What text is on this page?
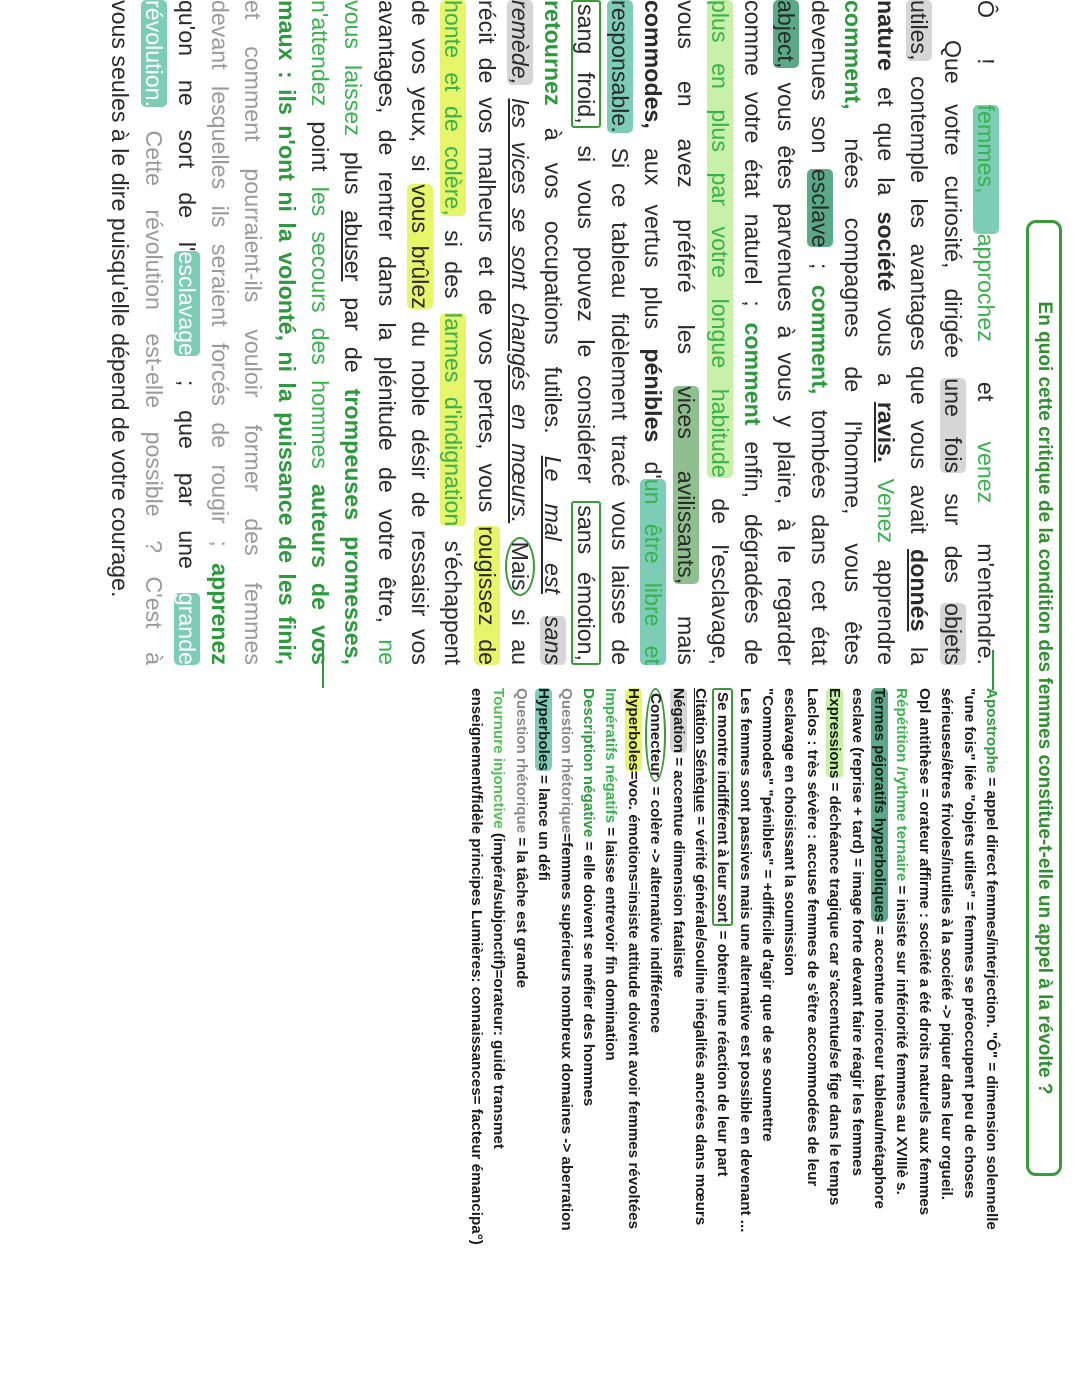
En quoi cette critique de la condition des femmes constitue-t-elle un appel à la révolte ?
Ô ! femmes, approchez et venez m'entendre.
Que votre curiosité, dirigée une fois sur des objets
utiles, contemple les avantages que vous avait donnés la
nature et que la société vous a ravis. Venez apprendre
comment, nées compagnes de l'homme, vous êtes
devenues son esclave ; comment, tombées dans cet état
abject, vous êtes parvenues à vous y plaire, à le regarder
comme votre état naturel ; comment enfin, dégradées de
plus en plus par votre longue habitude de l'esclavage,
vous en avez préféré les vices avilissants, mais
commodes, aux vertus plus pénibles d'un être libre et
responsable. Si ce tableau fidèlement tracé vous laisse de
sang froid, si vous pouvez le considérer sans émotion,
retournez à vos occupations futiles. Le mal est sans
remède, les vices se sont changés en mœurs. Mais si au
récit de vos malheurs et de vos pertes, vous rougissez de
honte et de colère, si des larmes d'indignation s'échappent
de vos yeux, si vous brûlez du noble désir de ressaisir vos
avantages, de rentrer dans la plénitude de votre être, ne
vous laissez plus abuser par de trompeuses promesses,
n'attendez point les secours des hommes auteurs de vos
maux : ils n'ont ni la volonté, ni la puissance de les finir,
et comment pourraient-ils vouloir former des femmes
devant lesquelles ils seraient forcés de rougir ; apprenez
qu'on ne sort de l'esclavage ; que par une grande
révolution. Cette révolution est-elle possible ? C'est à
vous seules à le dire puisqu'elle dépend de votre courage.
Apostrophe = appel direct femmes/interjection. "Ô" = dimension solennelle
"une fois" liée "objets utiles" = femmes se préoccupent peu de choses
sérieuses/êtres frivoles/inutiles à la société -> piquer dans leur orgueil.
Opl antithèse = orateur affirme : société a été droits naturels aux femmes
Répétition /rythme ternaire = insiste sur infériorité femmes au XVIIIè s.
Termes péjoratifs hyperboliques = accentue noirceur tableau/métaphore
esclave (reprise + tard) = image forte devant faire réagir les femmes
Expressions = déchéance tragique car s'accentue/se fige dans le temps
Laclos : très sévère : accuse femmes de s'être accommodées de leur
esclavage en choisissant la soumission
"Commodes" "pénibles" = +difficile d'agir que de se soumettre
Les femmes sont passives mais une alternative est possible en devenant ...
Se montre indifférent à leur sort = obtenir une réaction de leur part
Citation Sénèque = vérité générale/souline inégalités ancrées dans mœurs
Négation = accentue dimension fataliste
Connecteur = colère -> alternative indifférence
Hyperboles=voc. émotions=insiste attitude doivent avoir femmes révoltées
Impératifs négatifs = laisse entrevoir fin domination
Description négative = elle doivent se méfier des hommes
Question rhétorique=femmes supérieurs nombreux domaines -> aberration
Hyperboles = lance un défi
Question rhétorique = la tâche est grande
Tournure injonctive (impéra/subjonctif)=orateur: guide transmet
enseignement/fidèle principes Lumières: connaissances= facteur émancipa°)
